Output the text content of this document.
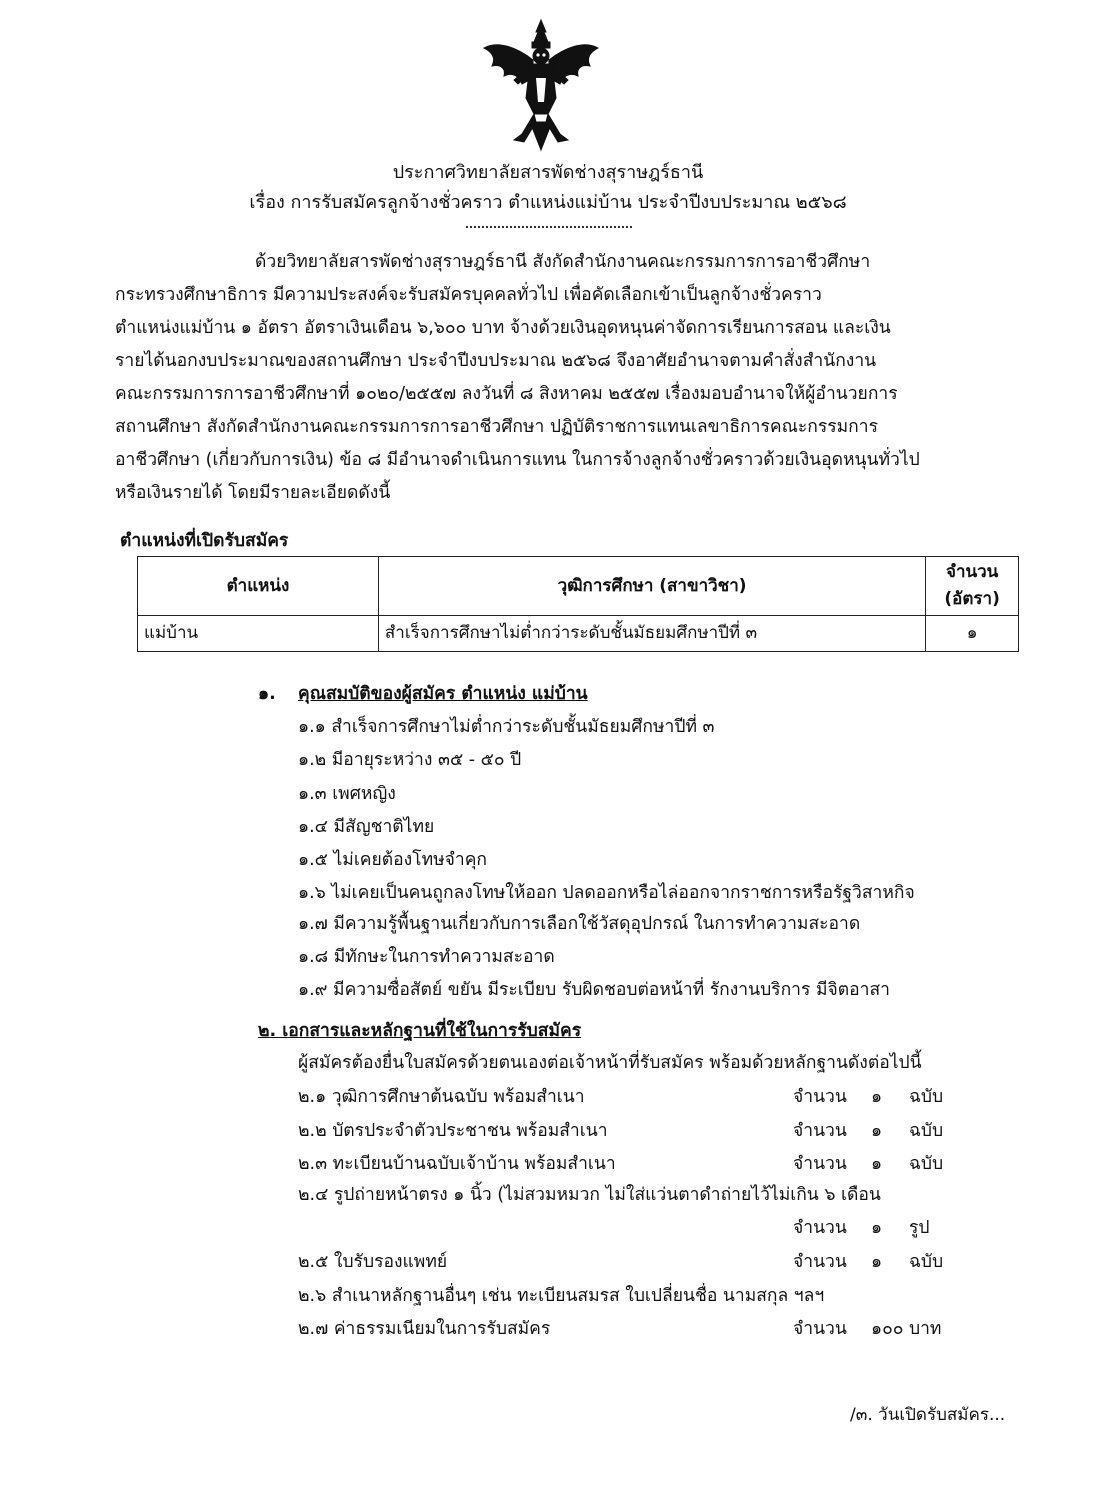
ประกาศวิทยาลัยสารพัดช่างสุราษฎร์ธานี
เรื่อง การรับสมัครลูกจ้างชั่วคราว ตำแหน่งแม่บ้าน ประจำปีงบประมาณ ๒๕๖๘
ด้วยวิทยาลัยสารพัดช่างสุราษฎร์ธานี สังกัดสำนักงานคณะกรรมการการอาชีวศึกษา
กระทรวงศึกษาธิการ มีความประสงค์จะรับสมัครบุคคลทั่วไป เพื่อคัดเลือกเข้าเป็นลูกจ้างชั่วคราว
ตำแหน่งแม่บ้าน ๑ อัตรา อัตราเงินเดือน ๖,๖๐๐ บาท จ้างด้วยเงินอุดหนุนค่าจัดการเรียนการสอน และเงิน
รายได้นอกงบประมาณของสถานศึกษา ประจำปีงบประมาณ ๒๕๖๘ จึงอาศัยอำนาจตามคำสั่งสำนักงาน
คณะกรรมการการอาชีวศึกษาที่ ๑๐๒๐/๒๕๕๗ ลงวันที่ ๘ สิงหาคม ๒๕๕๗ เรื่องมอบอำนาจให้ผู้อำนวยการ
สถานศึกษา สังกัดสำนักงานคณะกรรมการการอาชีวศึกษา ปฏิบัติราชการแทนเลขาธิการคณะกรรมการ
อาชีวศึกษา (เกี่ยวกับการเงิน) ข้อ ๘ มีอำนาจดำเนินการแทน ในการจ้างลูกจ้างชั่วคราวด้วยเงินอุดหนุนทั่วไป
หรือเงินรายได้ โดยมีรายละเอียดดังนี้
ตำแหน่งที่เปิดรับสมัคร
ตำแหน่ง	วุฒิการศึกษา (สาขาวิชา)	จำนวน
(อัตรา)

แม่บ้าน	สำเร็จการศึกษาไม่ต่ำกว่าระดับชั้นมัธยมศึกษาปีที่ ๓	๑
๑. คุณสมบัติของผู้สมัคร ตำแหน่ง แม่บ้าน
๑.๑ สำเร็จการศึกษาไม่ต่ำกว่าระดับชั้นมัธยมศึกษาปีที่ ๓
๑.๒ มีอายุระหว่าง ๓๕ - ๕๐ ปี
๑.๓ เพศหญิง
๑.๔ มีสัญชาติไทย
๑.๕ ไม่เคยต้องโทษจำคุก
๑.๖ ไม่เคยเป็นคนถูกลงโทษให้ออก ปลดออกหรือไล่ออกจากราชการหรือรัฐวิสาหกิจ
๑.๗ มีความรู้พื้นฐานเกี่ยวกับการเลือกใช้วัสดุอุปกรณ์ ในการทำความสะอาด
๑.๘ มีทักษะในการทำความสะอาด
๑.๙ มีความซื่อสัตย์ ขยัน มีระเบียบ รับผิดชอบต่อหน้าที่ รักงานบริการ มีจิตอาสา
๒. เอกสารและหลักฐานที่ใช้ในการรับสมัคร
ผู้สมัครต้องยื่นใบสมัครด้วยตนเองต่อเจ้าหน้าที่รับสมัคร พร้อมด้วยหลักฐานดังต่อไปนี้
๒.๑ วุฒิการศึกษาต้นฉบับ พร้อมสำเนา	จำนวน ๑ ฉบับ
๒.๒ บัตรประจำตัวประชาชน พร้อมสำเนา	จำนวน ๑ ฉบับ
๒.๓ ทะเบียนบ้านฉบับเจ้าบ้าน พร้อมสำเนา	จำนวน ๑ ฉบับ
๒.๔ รูปถ่ายหน้าตรง ๑ นิ้ว (ไม่สวมหมวก ไม่ใส่แว่นตาดำถ่ายไว้ไม่เกิน ๖ เดือน
จำนวน ๑ รูป
๒.๕ ใบรับรองแพทย์	จำนวน ๑ ฉบับ
๒.๖ สำเนาหลักฐานอื่นๆ เช่น ทะเบียนสมรส ใบเปลี่ยนชื่อ นามสกุล ฯลฯ
๒.๗ ค่าธรรมเนียมในการรับสมัคร	จำนวน ๑๐๐ บาท
/๓. วันเปิดรับสมัคร...
